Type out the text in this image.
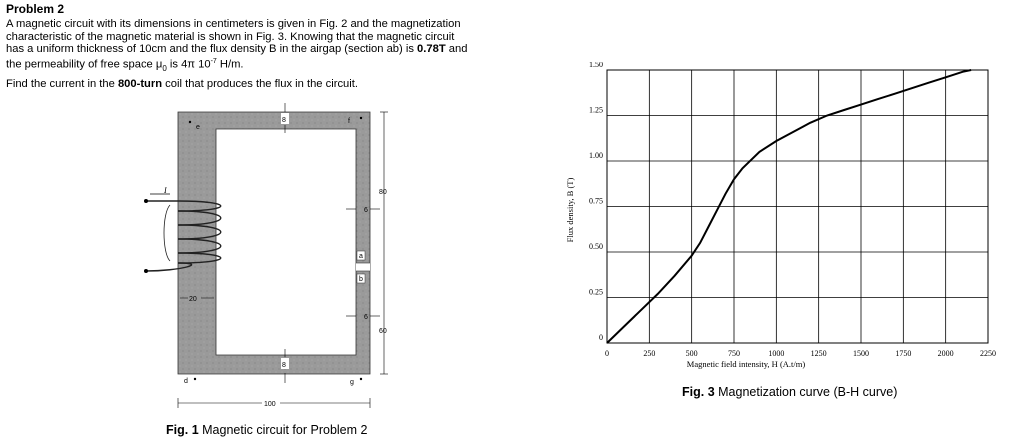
Problem 2

A magnetic circuit with its dimensions in centimeters is given in Fig. 2 and the magnetization
characteristic of the magnetic material is shown in Fig. 3. Knowing that the magnetic circuit
has a uniform thickness of 10cm and the flux density B in the airgap (section ab) is 0.78T and
the permeability of free space $\mu_0$ is 4π $10^{-7}$ H/m.

Find the current in the 800-turn coil that produces the flux in the circuit.

e
f
d	g
a
b
8
8
6
6
80
60
20
100
I
Fig. 1 Magnetic circuit for Problem 2
0	250	500	750	1000	1250	1500	1750	2000	2250
0
0.25
0.50
0.75
1.00
1.25
1.50
Magnetic field intensity, H (A.t/m)
Flux density, B (T)
Fig. 3 Magnetization curve (B-H curve)
